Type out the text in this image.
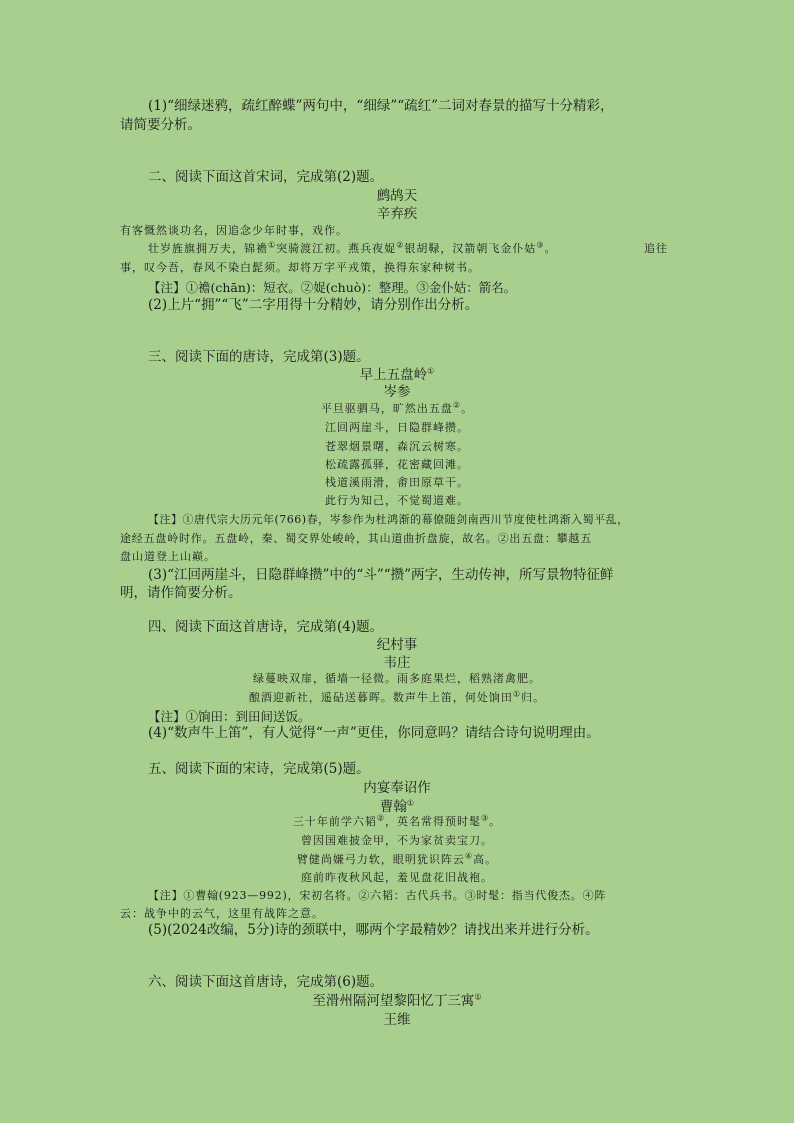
(1)“细绿迷鸦，疏红醉蝶”两句中，“细绿”“疏红”二词对春景的描写十分精彩，
请简要分析。
二、阅读下面这首宋词，完成第(2)题。
鹧鸪天
辛弃疾
有客慨然谈功名，因追念少年时事，戏作。
壮岁旌旗拥万夫，锦襜①突骑渡江初。燕兵夜娖②银胡䩮，汉箭朝飞金仆姑③。	追往
事，叹今吾，春风不染白髭须。却将万字平戎策，换得东家种树书。
【注】①襜(chān)：短衣。②娖(chuò)：整理。③金仆姑：箭名。
(2)上片“拥”“飞”二字用得十分精妙，请分别作出分析。
三、阅读下面的唐诗，完成第(3)题。
早上五盘岭①
岑参
平旦驱驷马，旷然出五盘②。
江回两崖斗，日隐群峰攒。
苍翠烟景曙，森沉云树寒。
松疏露孤驿，花密藏回滩。
栈道溪雨滑，畬田原草干。
此行为知己，不觉蜀道难。
【注】①唐代宗大历元年(766)春，岑参作为杜鸿渐的幕僚随剑南西川节度使杜鸿渐入蜀平乱，
途经五盘岭时作。五盘岭，秦、蜀交界处峻岭，其山道曲折盘旋，故名。②出五盘：攀越五
盘山道登上山巅。
(3)“江回两崖斗，日隐群峰攒”中的“斗”“攒”两字，生动传神，所写景物特征鲜
明，请作简要分析。
四、阅读下面这首唐诗，完成第(4)题。
纪村事
韦庄
绿蔓映双扉，循墙一径微。雨多庭果烂，稻熟渚禽肥。
酿酒迎新社，遥砧送暮晖。数声牛上笛，何处饷田①归。
【注】①饷田：到田间送饭。
(4)“数声牛上笛”，有人觉得“一声”更佳，你同意吗？请结合诗句说明理由。
五、阅读下面的宋诗，完成第(5)题。
内宴奉诏作
曹翰①
三十年前学六韬②，英名常得预时髦③。
曾因国难披金甲，不为家贫卖宝刀。
臂健尚嫌弓力软，眼明犹识阵云④高。
庭前昨夜秋风起，羞见盘花旧战袍。
【注】①曹翰(923—992)，宋初名将。②六韬：古代兵书。③时髦：指当代俊杰。④阵
云：战争中的云气，这里有战阵之意。
(5)(2024改编，5分)诗的颈联中，哪两个字最精妙？请找出来并进行分析。
六、阅读下面这首唐诗，完成第(6)题。
至滑州隔河望黎阳忆丁三寓①
王维
